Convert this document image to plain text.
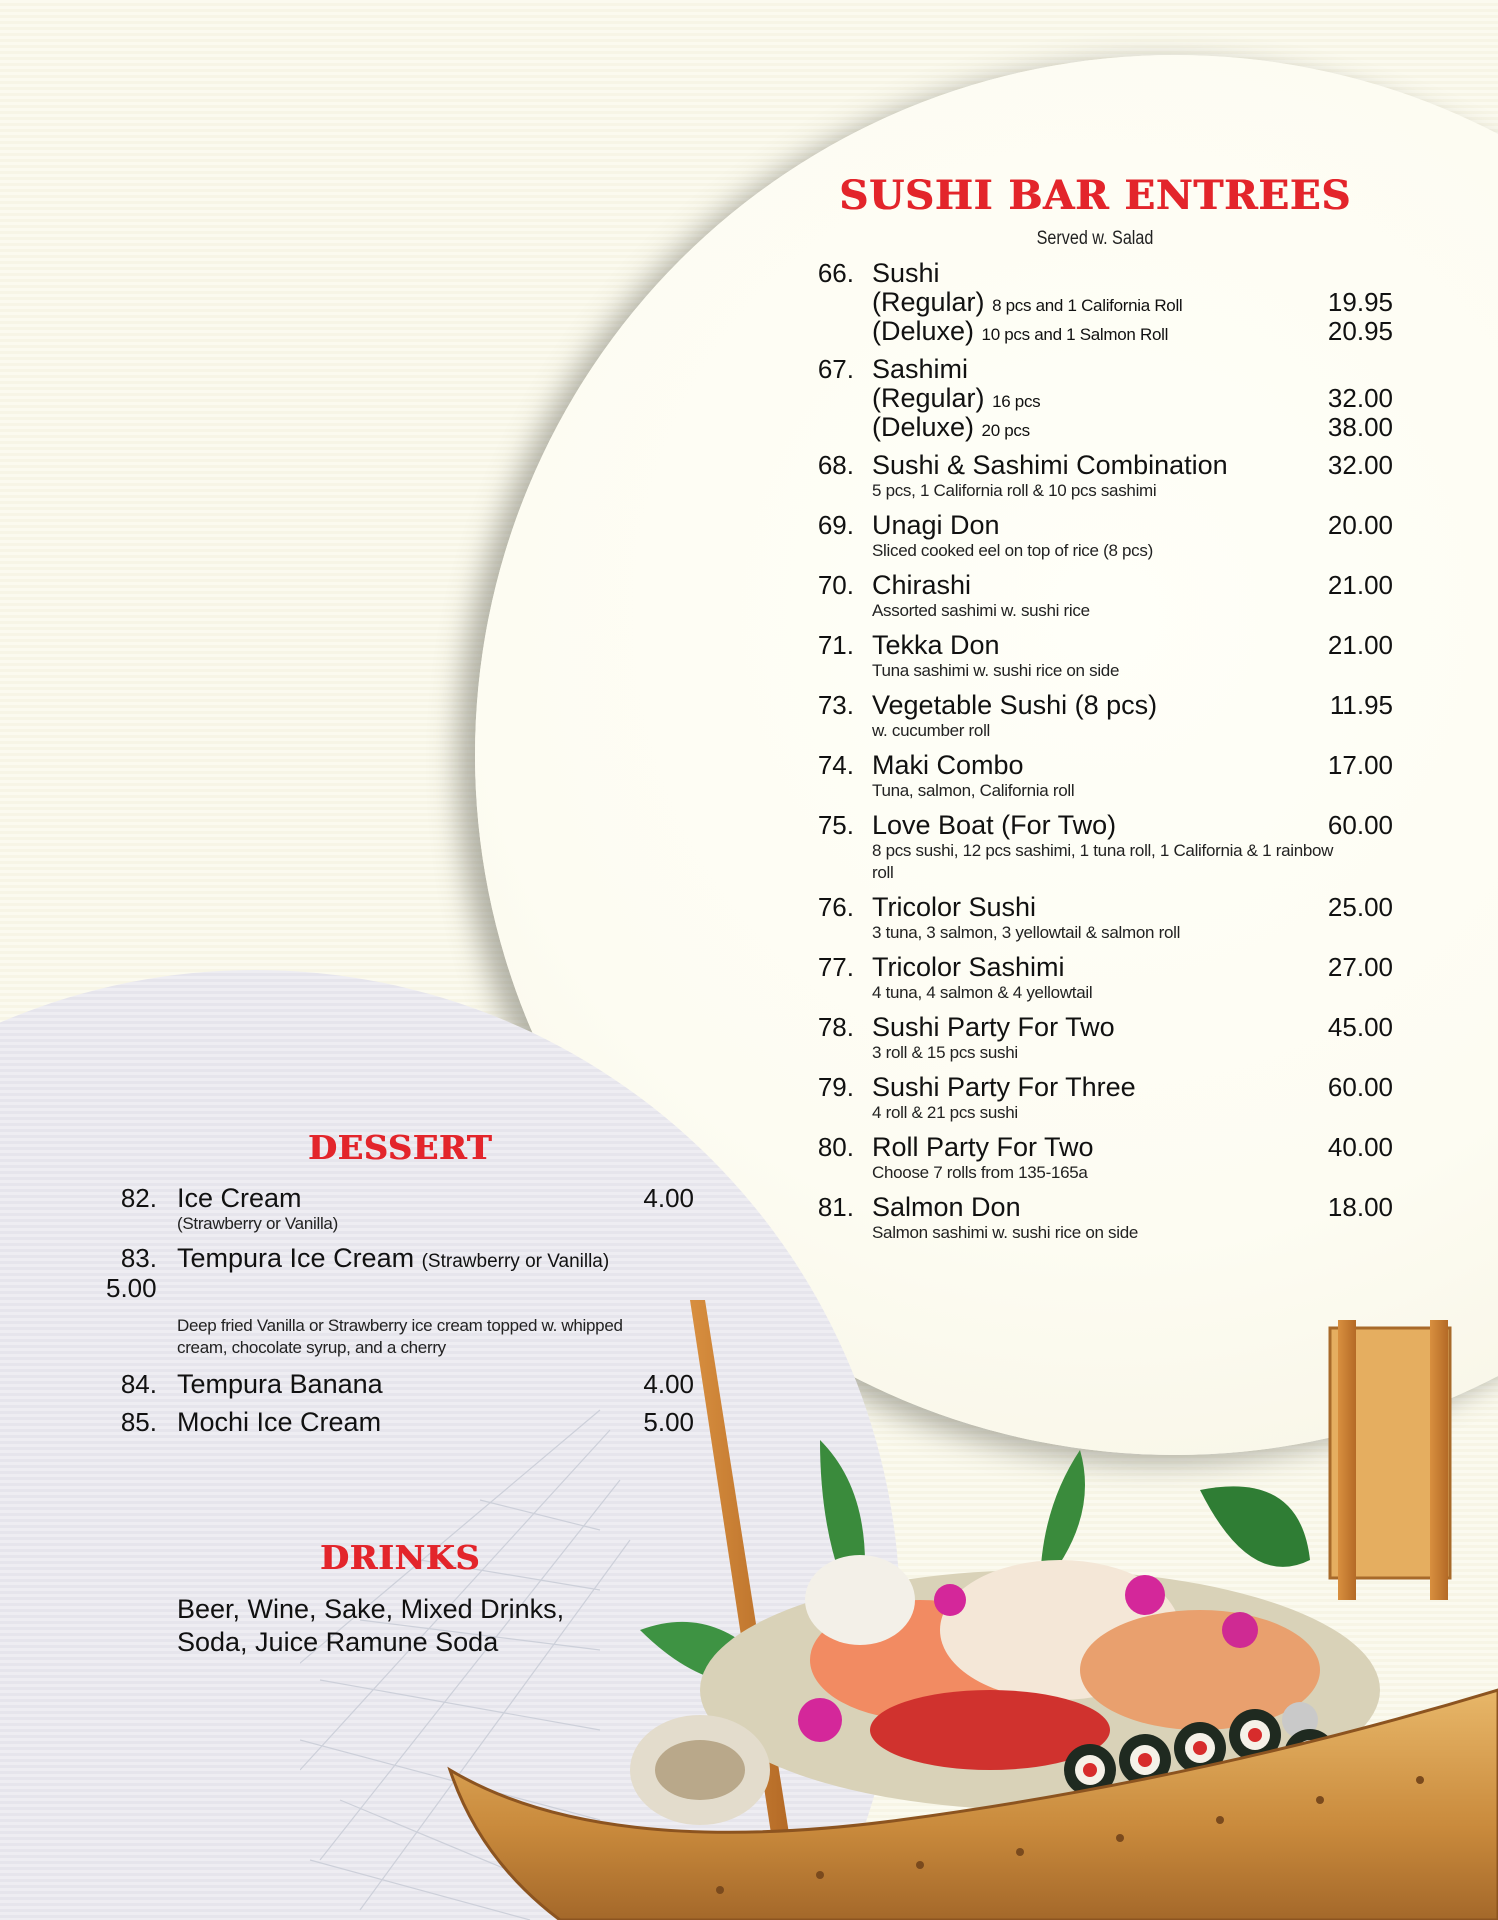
SUSHI BAR ENTREES
Served w. Salad
66. Sushi
(Regular) 8 pcs and 1 California Roll	19.95
(Deluxe) 10 pcs and 1 Salmon Roll	20.95
67. Sashimi
(Regular) 16 pcs	32.00
(Deluxe) 20 pcs	38.00
68. Sushi & Sashimi Combination	32.00
5 pcs, 1 California roll & 10 pcs sashimi
69. Unagi Don	20.00
Sliced cooked eel on top of rice (8 pcs)
70. Chirashi	21.00
Assorted sashimi w. sushi rice
71. Tekka Don	21.00
Tuna sashimi w. sushi rice on side
73. Vegetable Sushi (8 pcs)	11.95
w. cucumber roll
74. Maki Combo	17.00
Tuna, salmon, California roll
75. Love Boat (For Two)	60.00
8 pcs sushi, 12 pcs sashimi, 1 tuna roll, 1 California & 1 rainbow roll
76. Tricolor Sushi	25.00
3 tuna, 3 salmon, 3 yellowtail & salmon roll
77. Tricolor Sashimi	27.00
4 tuna, 4 salmon & 4 yellowtail
78. Sushi Party For Two	45.00
3 roll & 15 pcs sushi
79. Sushi Party For Three	60.00
4 roll & 21 pcs sushi
80. Roll Party For Two	40.00
Choose 7 rolls from 135-165a
81. Salmon Don	18.00
Salmon sashimi w. sushi rice on side
DESSERT
82. Ice Cream	4.00
(Strawberry or Vanilla)
83. Tempura Ice Cream (Strawberry or Vanilla)
5.00
Deep fried Vanilla or Strawberry ice cream topped w. whipped cream, chocolate syrup, and a cherry
84. Tempura Banana	4.00
85. Mochi Ice Cream	5.00
DRINKS
Beer, Wine, Sake, Mixed Drinks,
Soda, Juice Ramune Soda
